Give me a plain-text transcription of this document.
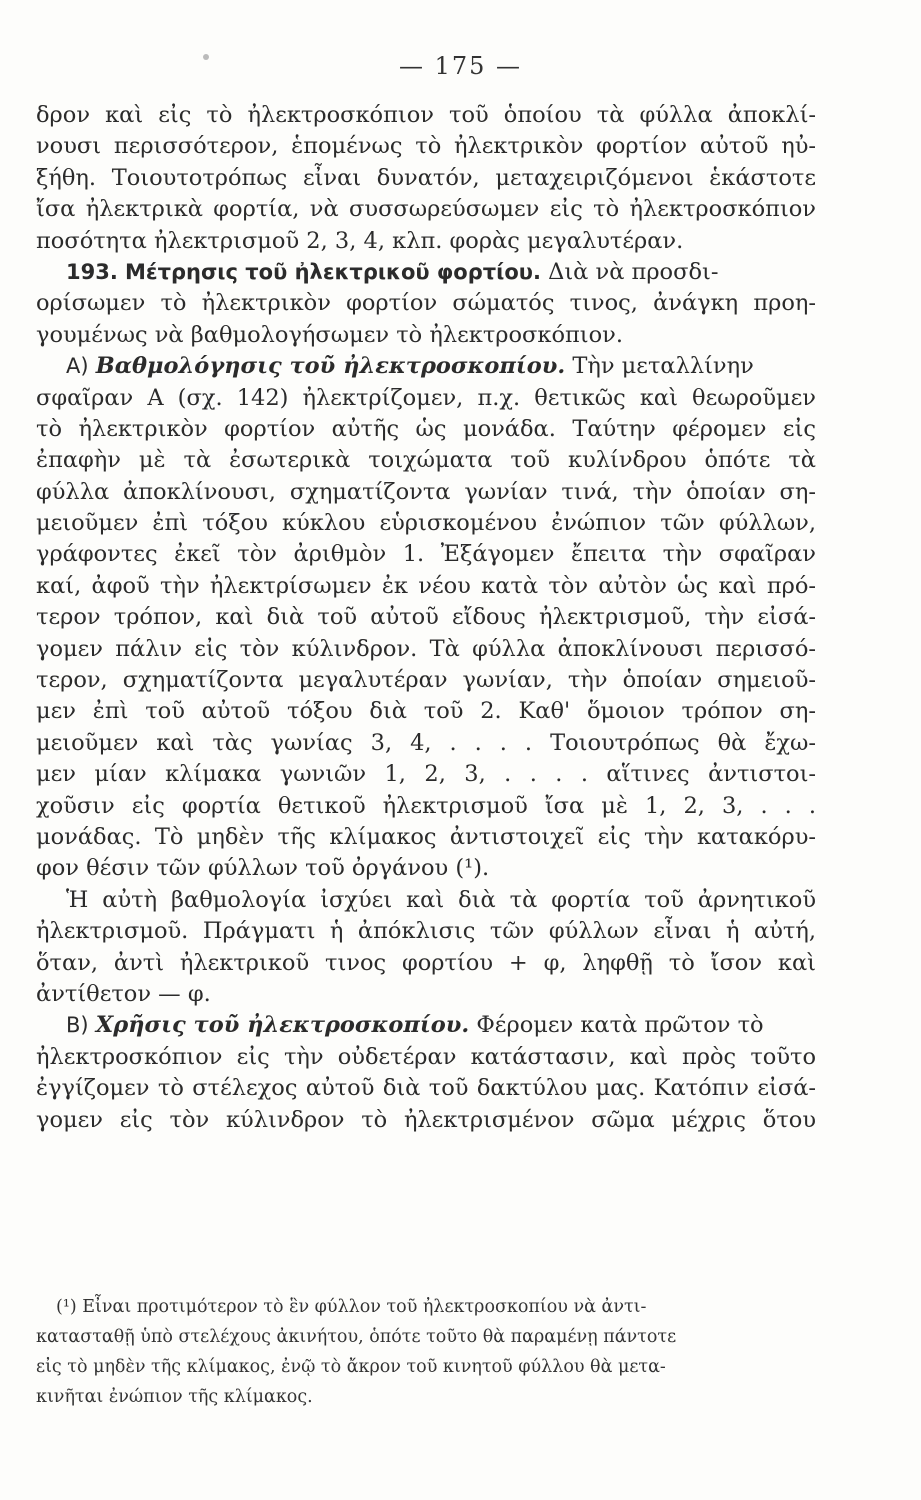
— 175 —
δρον καὶ εἰς τὸ ἠλεκτροσκόπιον τοῦ ὁποίου τὰ φύλλα ἀποκλί-
νουσι περισσότερον, ἑπομένως τὸ ἠλεκτρικὸν φορτίον αὐτοῦ ηὐ-
ξήθη. Τοιουτοτρόπως εἶναι δυνατόν, μεταχειριζόμενοι ἑκάστοτε
ἴσα ἠλεκτρικὰ φορτία, νὰ συσσωρεύσωμεν εἰς τὸ ἠλεκτροσκόπιον
ποσότητα ἠλεκτρισμοῦ 2, 3, 4, κλπ. φορὰς μεγαλυτέραν.
193. Μέτρησις τοῦ ἠλεκτρικοῦ φορτίου. Διὰ νὰ προσδι-
ορίσωμεν τὸ ἠλεκτρικὸν φορτίον σώματός τινος, ἀνάγκη προη-
γουμένως νὰ βαθμολογήσωμεν τὸ ἠλεκτροσκόπιον.
Α) Βαθμολόγησις τοῦ ἠλεκτροσκοπίου. Τὴν μεταλλίνην
σφαῖραν Α (σχ. 142) ἠλεκτρίζομεν, π.χ. θετικῶς καὶ θεωροῦμεν
τὸ ἠλεκτρικὸν φορτίον αὐτῆς ὡς μονάδα. Ταύτην φέρομεν εἰς
ἐπαφὴν μὲ τὰ ἐσωτερικὰ τοιχώματα τοῦ κυλίνδρου ὁπότε τὰ
φύλλα ἀποκλίνουσι, σχηματίζοντα γωνίαν τινά, τὴν ὁποίαν ση-
μειοῦμεν ἐπὶ τόξου κύκλου εὑρισκομένου ἐνώπιον τῶν φύλλων,
γράφοντες ἐκεῖ τὸν ἀριθμὸν 1. Ἐξάγομεν ἔπειτα τὴν σφαῖραν
καί, ἀφοῦ τὴν ἠλεκτρίσωμεν ἐκ νέου κατὰ τὸν αὐτὸν ὡς καὶ πρό-
τερον τρόπον, καὶ διὰ τοῦ αὐτοῦ εἴδους ἠλεκτρισμοῦ, τὴν εἰσά-
γομεν πάλιν εἰς τὸν κύλινδρον. Τὰ φύλλα ἀποκλίνουσι περισσό-
τερον, σχηματίζοντα μεγαλυτέραν γωνίαν, τὴν ὁποίαν σημειοῦ-
μεν ἐπὶ τοῦ αὐτοῦ τόξου διὰ τοῦ 2. Καθ' ὅμοιον τρόπον ση-
μειοῦμεν καὶ τὰς γωνίας 3, 4, . . . . Τοιουτρόπως θὰ ἔχω-
μεν μίαν κλίμακα γωνιῶν 1, 2, 3, . . . . αἵτινες ἀντιστοι-
χοῦσιν εἰς φορτία θετικοῦ ἠλεκτρισμοῦ ἴσα μὲ 1, 2, 3, . . .
μονάδας. Τὸ μηδὲν τῆς κλίμακος ἀντιστοιχεῖ εἰς τὴν κατακόρυ-
φον θέσιν τῶν φύλλων τοῦ ὀργάνου (¹).
Ἡ αὐτὴ βαθμολογία ἰσχύει καὶ διὰ τὰ φορτία τοῦ ἀρνητικοῦ
ἠλεκτρισμοῦ. Πράγματι ἡ ἀπόκλισις τῶν φύλλων εἶναι ἡ αὐτή,
ὅταν, ἀντὶ ἠλεκτρικοῦ τινος φορτίου + φ, ληφθῇ τὸ ἴσον καὶ
ἀντίθετον — φ.
Β) Χρῆσις τοῦ ἠλεκτροσκοπίου. Φέρομεν κατὰ πρῶτον τὸ
ἠλεκτροσκόπιον εἰς τὴν οὐδετέραν κατάστασιν, καὶ πρὸς τοῦτο
ἐγγίζομεν τὸ στέλεχος αὐτοῦ διὰ τοῦ δακτύλου μας. Κατόπιν εἰσά-
γομεν εἰς τὸν κύλινδρον τὸ ἠλεκτρισμένον σῶμα μέχρις ὅτου
(¹) Εἶναι προτιμότερον τὸ ἓν φύλλον τοῦ ἠλεκτροσκοπίου νὰ ἀντι-
κατασταθῇ ὑπὸ στελέχους ἀκινήτου, ὁπότε τοῦτο θὰ παραμένῃ πάντοτε
εἰς τὸ μηδὲν τῆς κλίμακος, ἐνῷ τὸ ἄκρον τοῦ κινητοῦ φύλλου θὰ μετα-
κινῆται ἐνώπιον τῆς κλίμακος.
